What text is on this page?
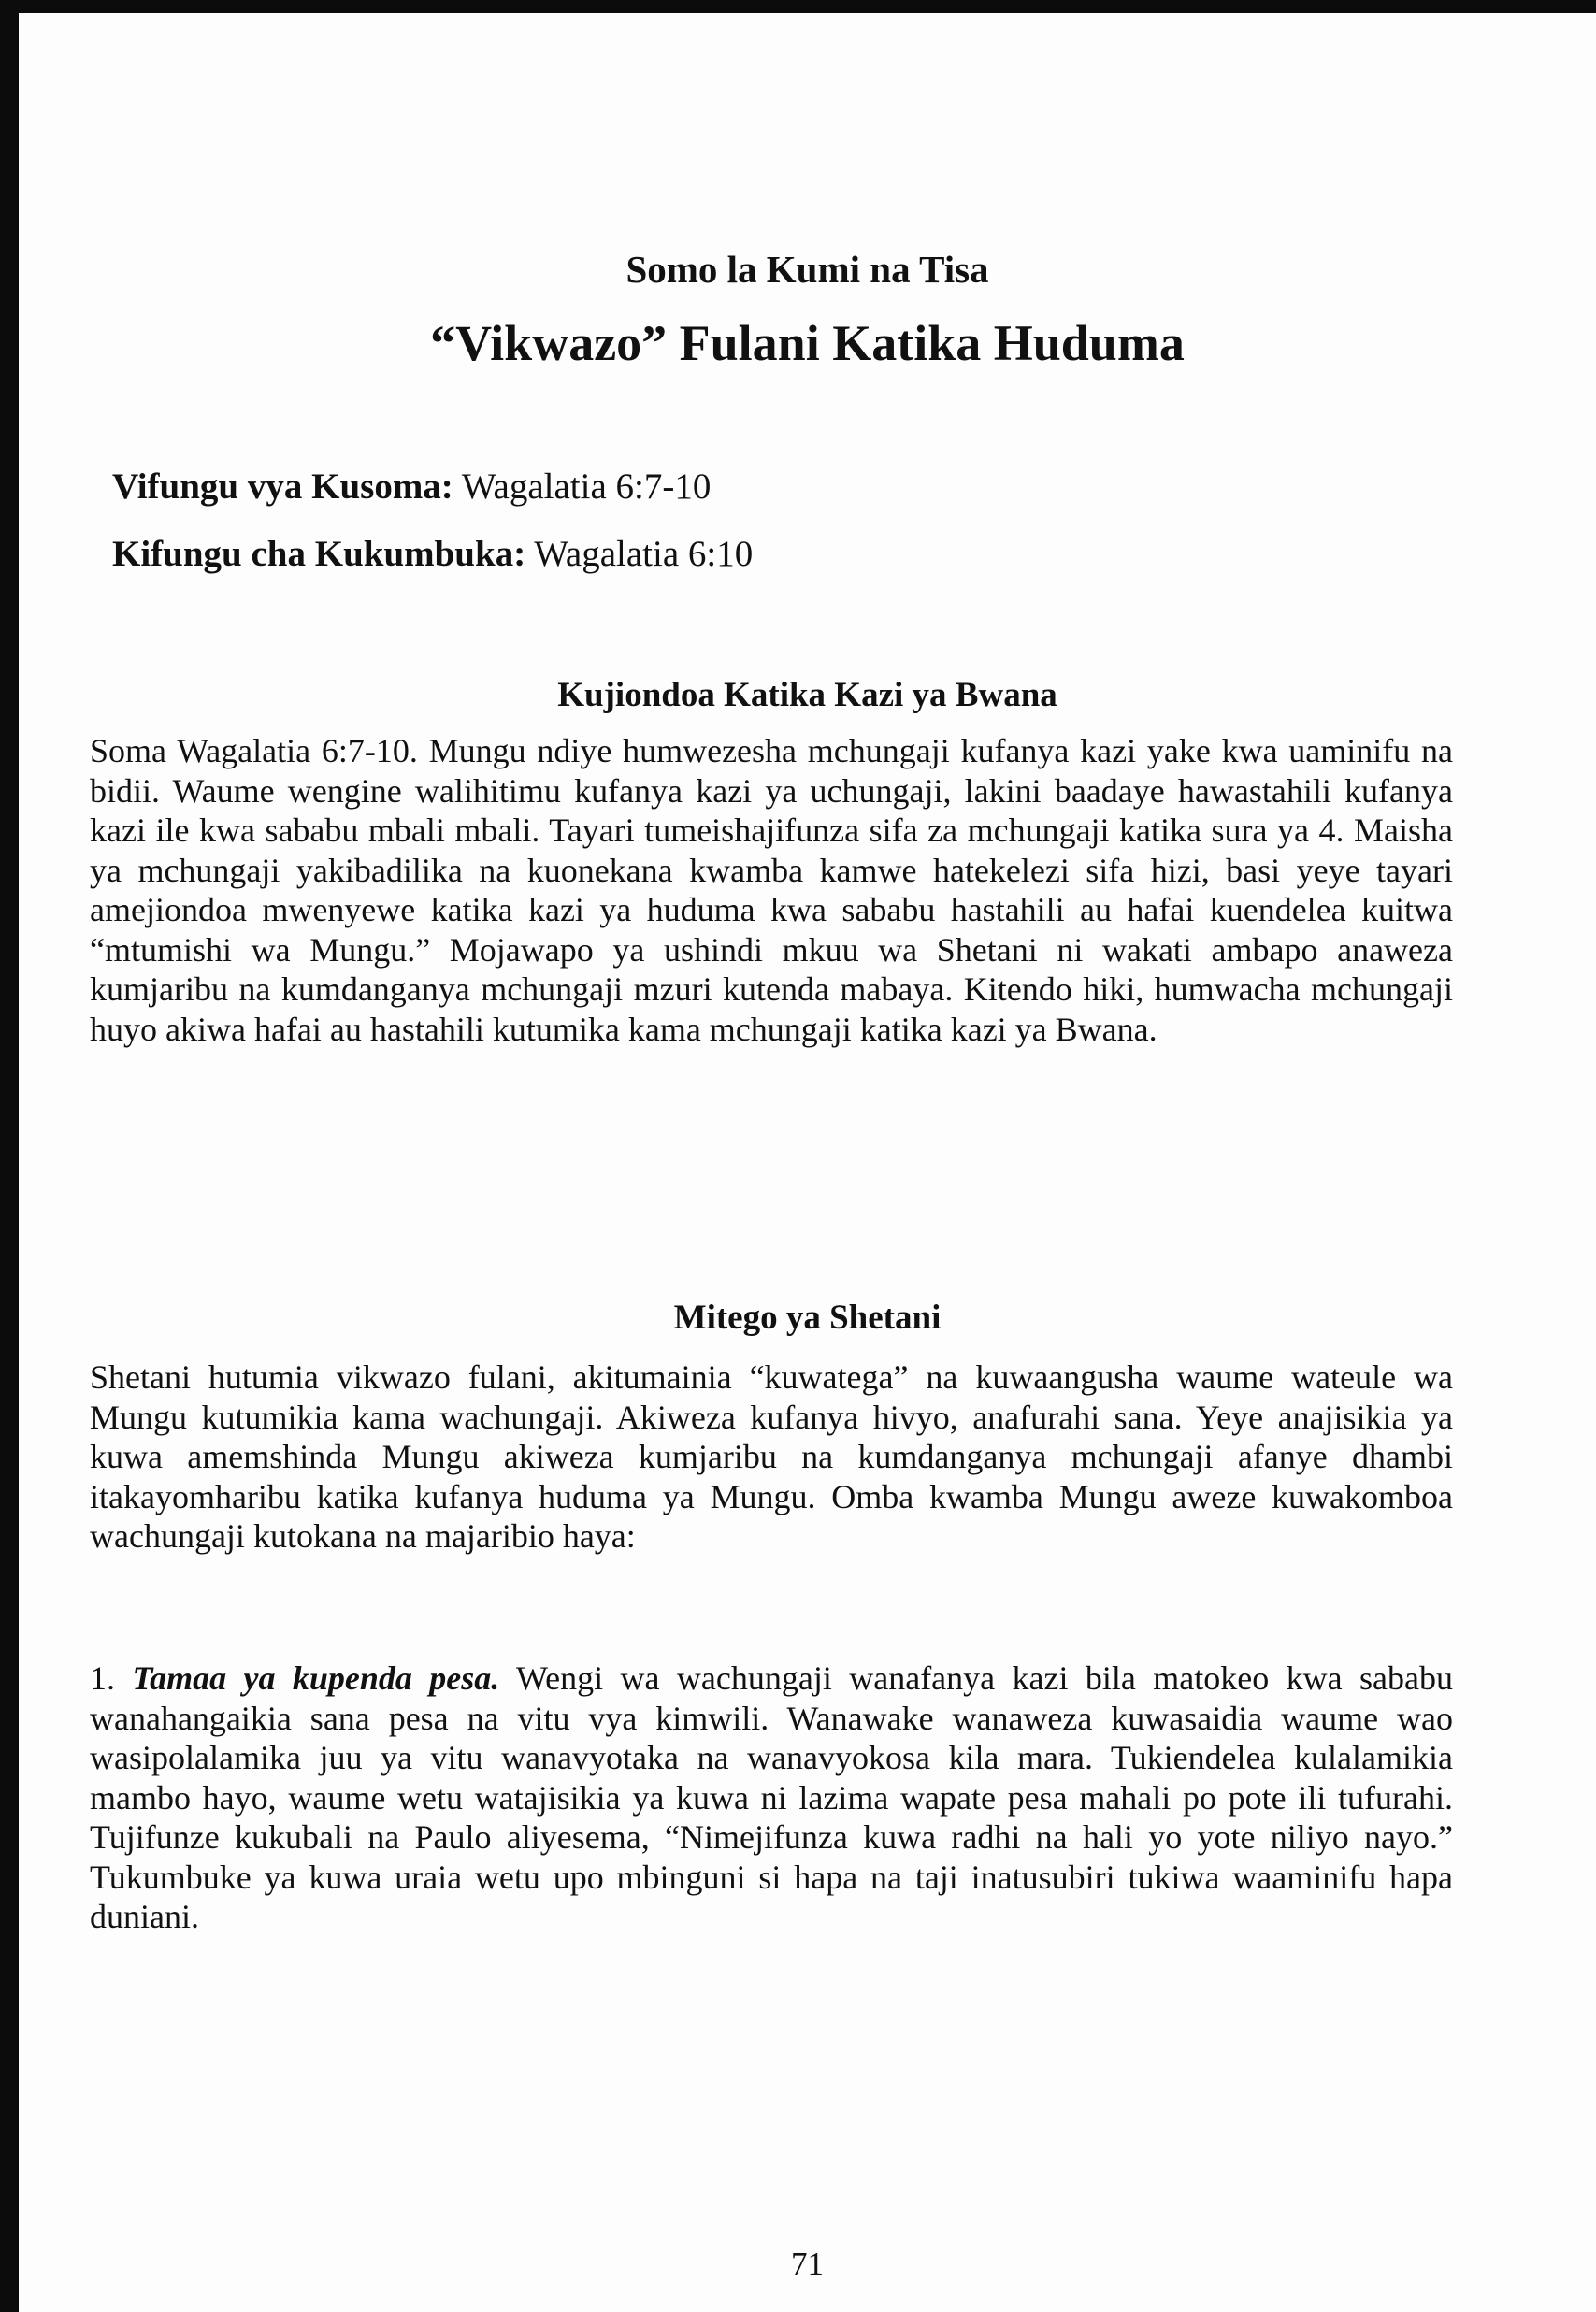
Somo la Kumi na Tisa
“Vikwazo” Fulani Katika Huduma
Vifungu vya Kusoma: Wagalatia 6:7-10
Kifungu cha Kukumbuka: Wagalatia 6:10
Kujiondoa Katika Kazi ya Bwana
Soma Wagalatia 6:7-10. Mungu ndiye humwezesha mchungaji kufanya kazi yake kwa uaminifu na bidii. Waume wengine walihitimu kufanya kazi ya uchungaji, lakini baadaye hawastahili kufanya kazi ile kwa sababu mbali mbali. Tayari tumeishajifunza sifa za mchungaji katika sura ya 4. Maisha ya mchungaji yakibadilika na kuonekana kwamba kamwe hatekelezi sifa hizi, basi yeye tayari amejiondoa mwenyewe katika kazi ya huduma kwa sababu hastahili au hafai kuendelea kuitwa “mtumishi wa Mungu.” Mojawapo ya ushindi mkuu wa Shetani ni wakati ambapo anaweza kumjaribu na kumdanganya mchungaji mzuri kutenda mabaya. Kitendo hiki, humwacha mchungaji huyo akiwa hafai au hastahili kutumika kama mchungaji katika kazi ya Bwana.
Mitego ya Shetani
Shetani hutumia vikwazo fulani, akitumainia “kuwatega” na kuwaangusha waume wateule wa Mungu kutumikia kama wachungaji. Akiweza kufanya hivyo, anafurahi sana. Yeye anajisikia ya kuwa amemshinda Mungu akiweza kumjaribu na kumdanganya mchungaji afanye dhambi itakayomharibu katika kufanya huduma ya Mungu. Omba kwamba Mungu aweze kuwakomboa wachungaji kutokana na majaribio haya:
1. Tamaa ya kupenda pesa. Wengi wa wachungaji wanafanya kazi bila matokeo kwa sababu wanahangaikia sana pesa na vitu vya kimwili. Wanawake wanaweza kuwasaidia waume wao wasipolalamika juu ya vitu wanavyotaka na wanavyokosa kila mara. Tukiendelea kulalamikia mambo hayo, waume wetu watajisikia ya kuwa ni lazima wapate pesa mahali po pote ili tufurahi. Tujifunze kukubali na Paulo aliyesema, “Nimejifunza kuwa radhi na hali yo yote niliyo nayo.” Tukumbuke ya kuwa uraia wetu upo mbinguni si hapa na taji inatusubiri tukiwa waaminifu hapa duniani.
71
